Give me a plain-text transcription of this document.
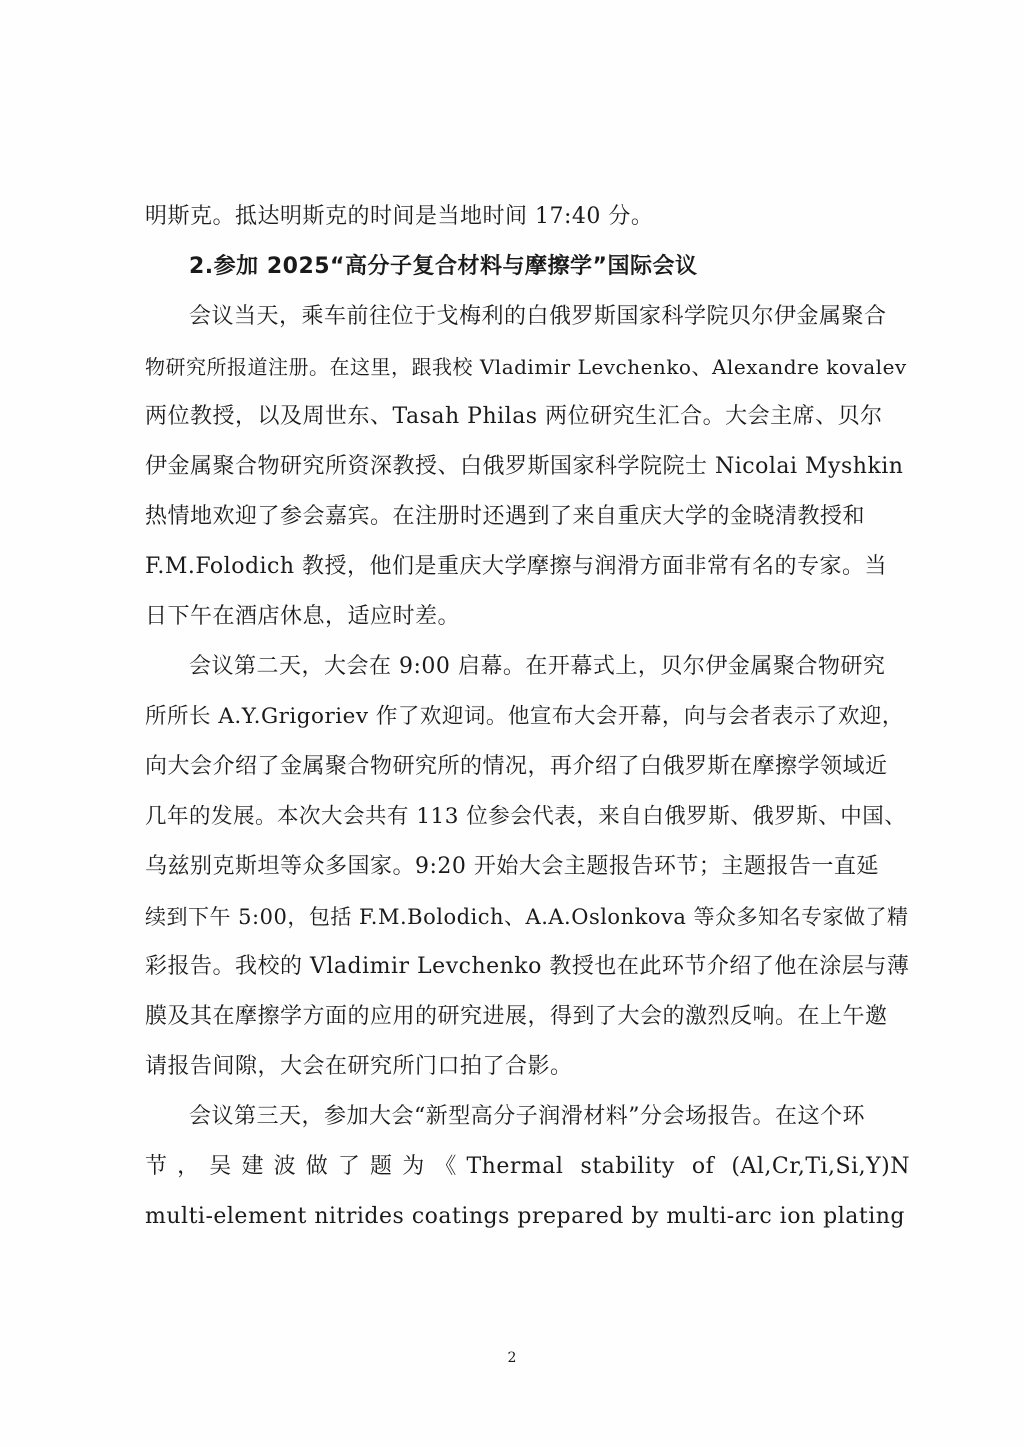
明斯克。抵达明斯克的时间是当地时间 17:40 分。
2.参加 2025“高分子复合材料与摩擦学”国际会议
会议当天，乘车前往位于戈梅利的白俄罗斯国家科学院贝尔伊金属聚合
物研究所报道注册。在这里，跟我校 Vladimir Levchenko、Alexandre kovalev
两位教授，以及周世东、Tasah Philas 两位研究生汇合。大会主席、贝尔
伊金属聚合物研究所资深教授、白俄罗斯国家科学院院士 Nicolai Myshkin
热情地欢迎了参会嘉宾。在注册时还遇到了来自重庆大学的金晓清教授和
F.M.Folodich 教授，他们是重庆大学摩擦与润滑方面非常有名的专家。当
日下午在酒店休息，适应时差。
会议第二天，大会在 9:00 启幕。在开幕式上，贝尔伊金属聚合物研究
所所长 A.Y.Grigoriev 作了欢迎词。他宣布大会开幕，向与会者表示了欢迎，
向大会介绍了金属聚合物研究所的情况，再介绍了白俄罗斯在摩擦学领域近
几年的发展。本次大会共有 113 位参会代表，来自白俄罗斯、俄罗斯、中国、
乌兹别克斯坦等众多国家。9:20 开始大会主题报告环节；主题报告一直延
续到下午 5:00，包括 F.M.Bolodich、A.A.Oslonkova 等众多知名专家做了精
彩报告。我校的 Vladimir Levchenko 教授也在此环节介绍了他在涂层与薄
膜及其在摩擦学方面的应用的研究进展，得到了大会的激烈反响。在上午邀
请报告间隙，大会在研究所门口拍了合影。
会议第三天，参加大会“新型高分子润滑材料”分会场报告。在这个环
节，吴建波做了题为《Thermal stability of (Al,Cr,Ti,Si,Y)N
multi-element nitrides coatings prepared by multi-arc ion plating
2
